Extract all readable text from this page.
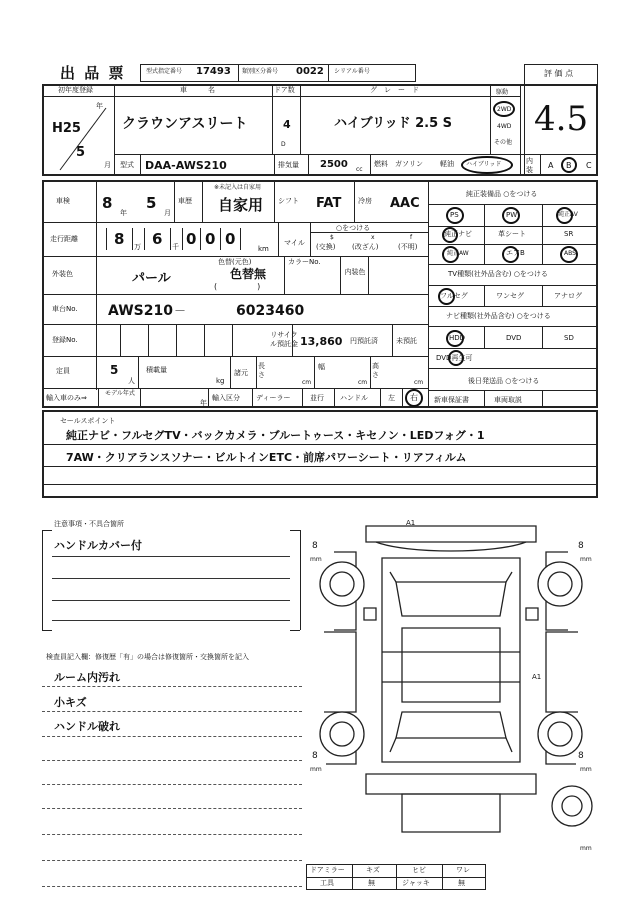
出 品 票	型式指定番号 17493 類別区分番号 0022 シリアル番号	評 価 点
4.5
初年度登録
年
H25
5
月
車　　　名
クラウンアスリート
ドア数
4
D
グ　レ　ー　ド
ハイブリッド 2.5 S
駆動
2WD
4WD
その他
型式 DAA-AWS210	排気量 2500 cc
燃料 ガソリン 軽油 ハイブリッド	内装 A B C
車検 8
年
5
月
車歴
※未記入は自家用
自家用 シフト FAT 冷房 AAC
走行距離 8 万 6 千 0 0 0
km
マイル
○をつける
$
(交換)
x
(改ざん)
f
(不明)
外装色	パール
色替(元色)
色替無
(　　　　　)
カラーNo.
内装色
車台No. AWS210 －	6023460
登録No.
リサイクル預託金 13,860 円預託済	未預託
定員	5
人
積載量
kg
諸元
長さ
cm
幅
cm
高さ
cm
輸入車のみ⇒
モデル年式
年
輸入区分 ディーラー	並行 ハンドル	左 右
純正装備品 ○をつける
PS	PW	純正AV
純正ナビ	革シート	SR
純正AW	エアB	ABS
TV種類(社外品含む) ○をつける
フルセグ	ワンセグ	アナログ
ナビ種類(社外品含む) ○をつける
HDD	DVD	SD
DVD再生可
後日発送品 ○をつける
新車保証書	車両取説
セールスポイント
純正ナビ・フルセグTV・バックカメラ・ブルートゥース・キセノン・LEDフォグ・1
7AW・クリアランスソナー・ビルトインETC・前席パワーシート・リアフィルム
注意事項・不具合箇所
ハンドルカバー付
検査員記入欄：修復歴「有」の場合は修復箇所・交換箇所を記入
ルーム内汚れ
小キズ
ハンドル破れ
A1
A1
8
mm
8
mm
8
mm
8
mm
mm
ドアミラー	キズ	ヒビ	ワレ
工具	無	ジャッキ	無
